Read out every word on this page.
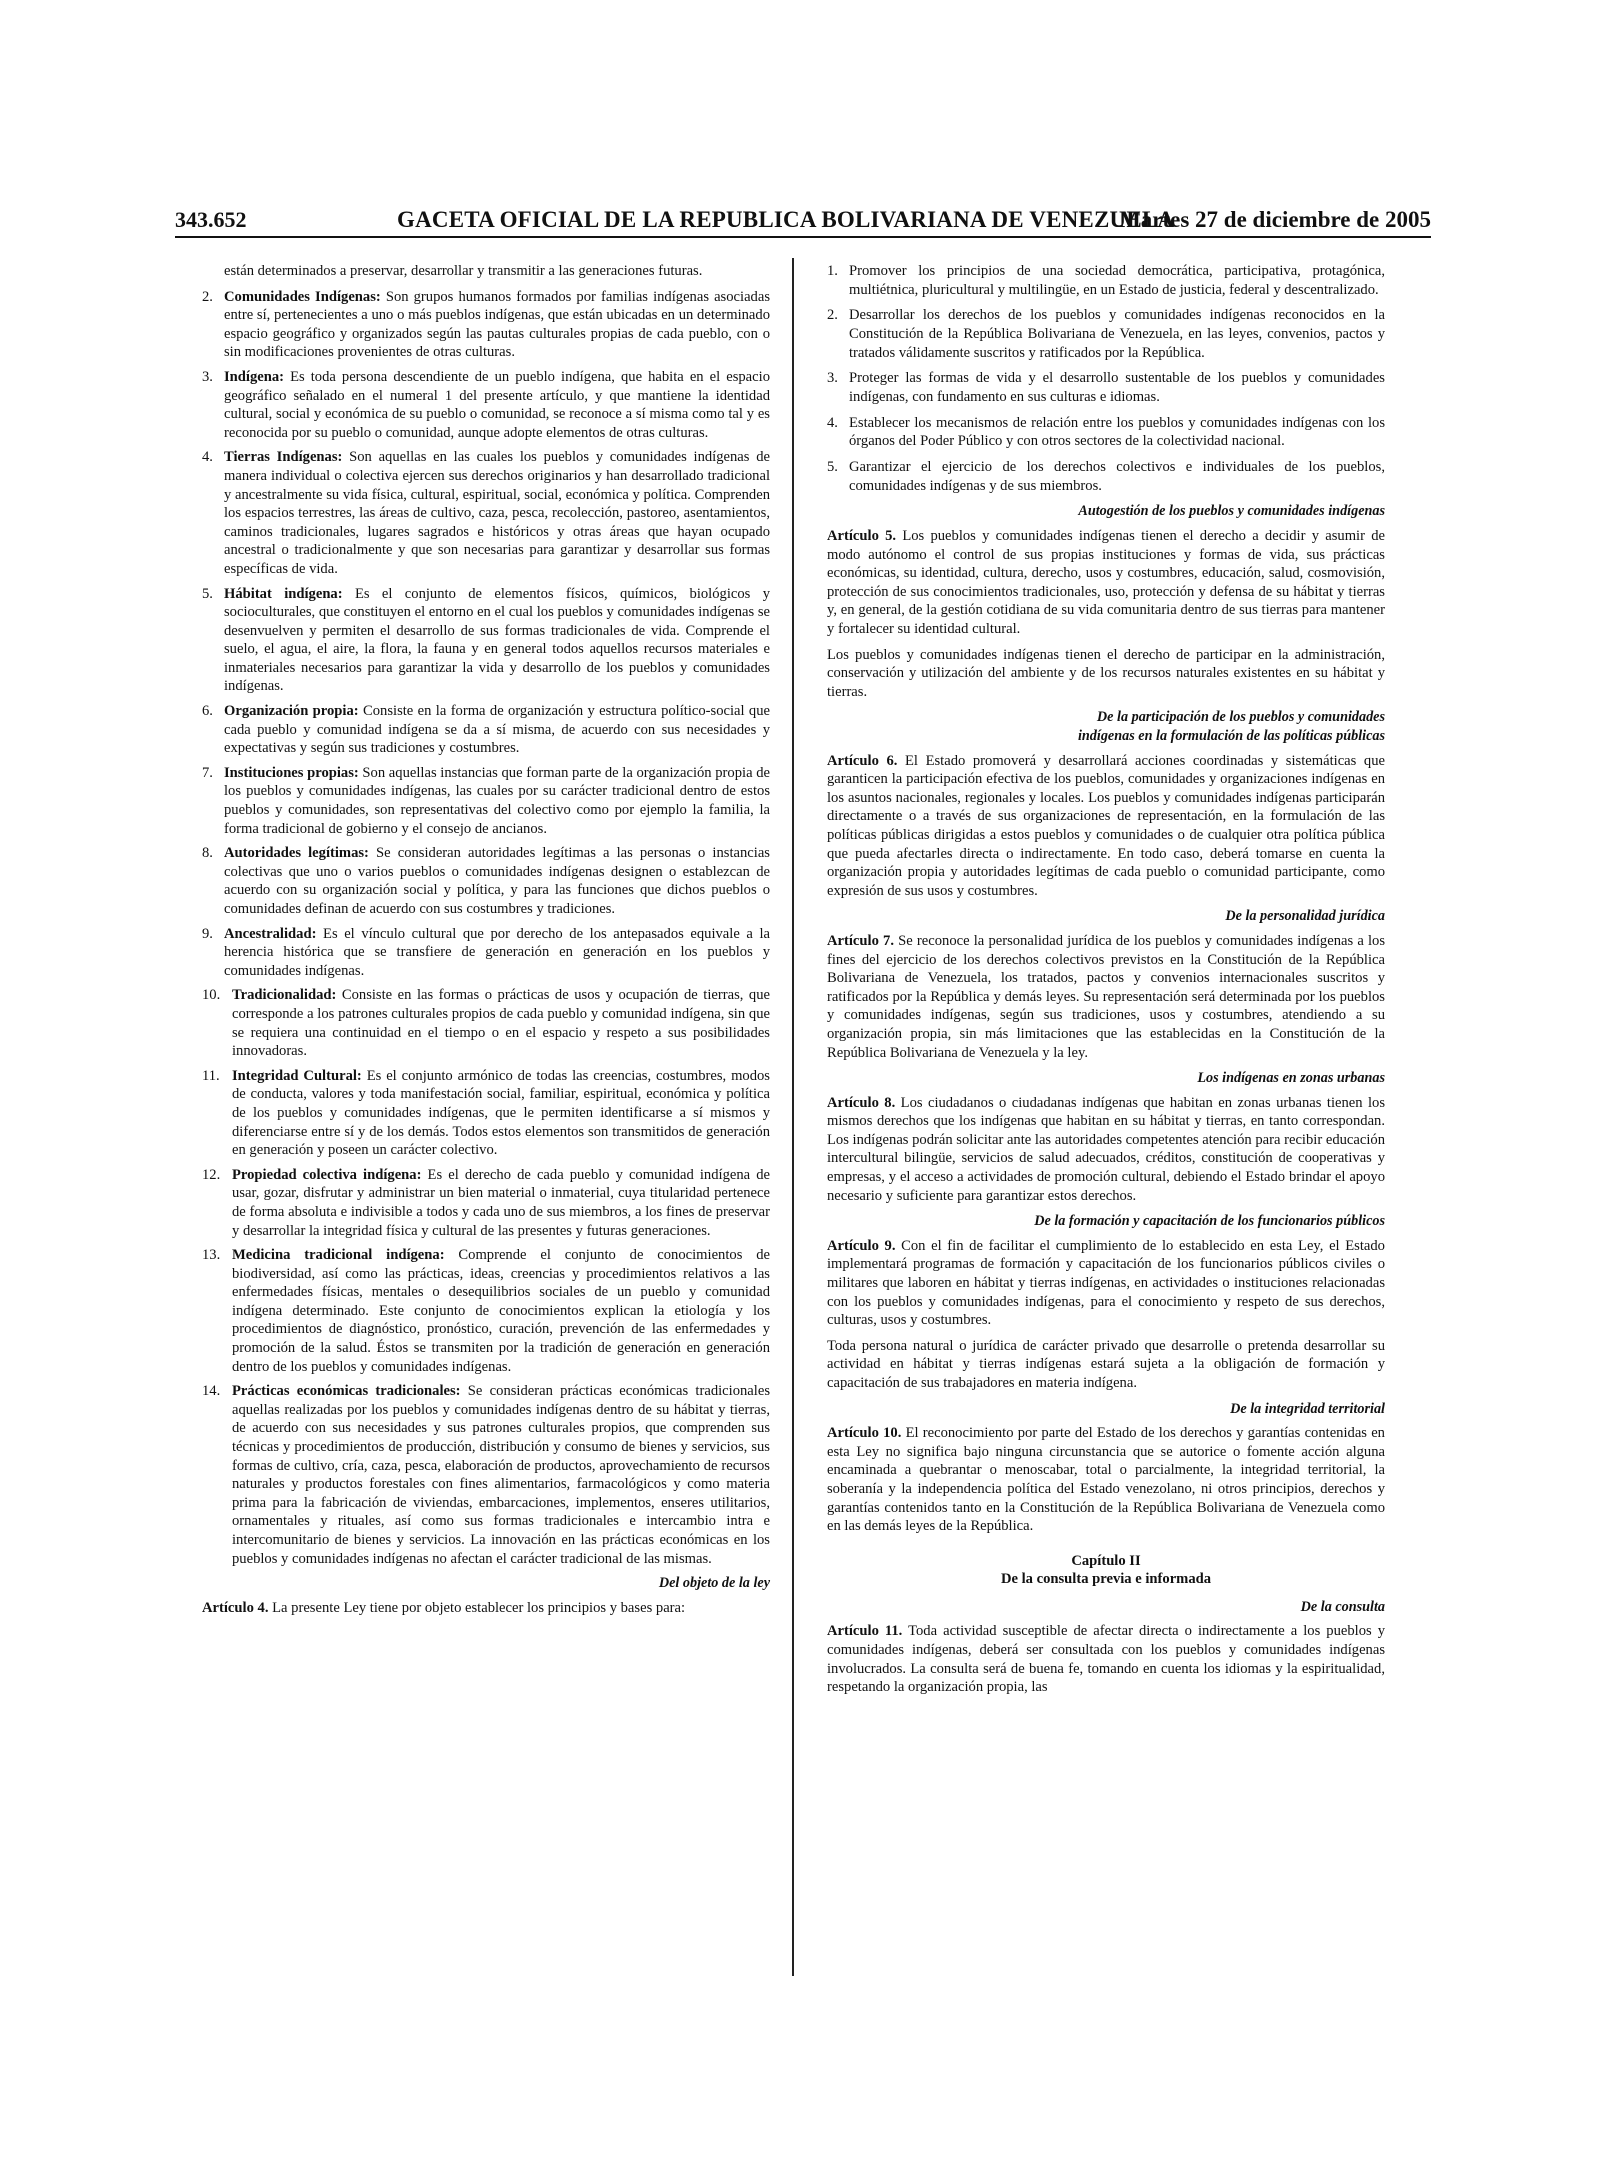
343.652	GACETA OFICIAL DE LA REPUBLICA BOLIVARIANA DE VENEZUELA
Martes 27 de diciembre de 2005

están determinados a preservar, desarrollar y transmitir a las generaciones futuras.

2. Comunidades Indígenas: Son grupos humanos formados por familias indígenas asociadas entre sí, pertenecientes a uno o más pueblos indígenas, que están ubicadas en un determinado espacio geográfico y organizados según las pautas culturales propias de cada pueblo, con o sin modificaciones provenientes de otras culturas.
3. Indígena: Es toda persona descendiente de un pueblo indígena, que habita en el espacio geográfico señalado en el numeral 1 del presente artículo, y que mantiene la identidad cultural, social y económica de su pueblo o comunidad, se reconoce a sí misma como tal y es reconocida por su pueblo o comunidad, aunque adopte elementos de otras culturas.
4. Tierras Indígenas: Son aquellas en las cuales los pueblos y comunidades indígenas de manera individual o colectiva ejercen sus derechos originarios y han desarrollado tradicional y ancestralmente su vida física, cultural, espiritual, social, económica y política. Comprenden los espacios terrestres, las áreas de cultivo, caza, pesca, recolección, pastoreo, asentamientos, caminos tradicionales, lugares sagrados e históricos y otras áreas que hayan ocupado ancestral o tradicionalmente y que son necesarias para garantizar y desarrollar sus formas específicas de vida.
5. Hábitat indígena: Es el conjunto de elementos físicos, químicos, biológicos y socioculturales, que constituyen el entorno en el cual los pueblos y comunidades indígenas se desenvuelven y permiten el desarrollo de sus formas tradicionales de vida. Comprende el suelo, el agua, el aire, la flora, la fauna y en general todos aquellos recursos materiales e inmateriales necesarios para garantizar la vida y desarrollo de los pueblos y comunidades indígenas.
6. Organización propia: Consiste en la forma de organización y estructura político-social que cada pueblo y comunidad indígena se da a sí misma, de acuerdo con sus necesidades y expectativas y según sus tradiciones y costumbres.
7. Instituciones propias: Son aquellas instancias que forman parte de la organización propia de los pueblos y comunidades indígenas, las cuales por su carácter tradicional dentro de estos pueblos y comunidades, son representativas del colectivo como por ejemplo la familia, la forma tradicional de gobierno y el consejo de ancianos.
8. Autoridades legítimas: Se consideran autoridades legítimas a las personas o instancias colectivas que uno o varios pueblos o comunidades indígenas designen o establezcan de acuerdo con su organización social y política, y para las funciones que dichos pueblos o comunidades definan de acuerdo con sus costumbres y tradiciones.
9. Ancestralidad: Es el vínculo cultural que por derecho de los antepasados equivale a la herencia histórica que se transfiere de generación en generación en los pueblos y comunidades indígenas.
10. Tradicionalidad: Consiste en las formas o prácticas de usos y ocupación de tierras, que corresponde a los patrones culturales propios de cada pueblo y comunidad indígena, sin que se requiera una continuidad en el tiempo o en el espacio y respeto a sus posibilidades innovadoras.
11. Integridad Cultural: Es el conjunto armónico de todas las creencias, costumbres, modos de conducta, valores y toda manifestación social, familiar, espiritual, económica y política de los pueblos y comunidades indígenas, que le permiten identificarse a sí mismos y diferenciarse entre sí y de los demás. Todos estos elementos son transmitidos de generación en generación y poseen un carácter colectivo.
12. Propiedad colectiva indígena: Es el derecho de cada pueblo y comunidad indígena de usar, gozar, disfrutar y administrar un bien material o inmaterial, cuya titularidad pertenece de forma absoluta e indivisible a todos y cada uno de sus miembros, a los fines de preservar y desarrollar la integridad física y cultural de las presentes y futuras generaciones.
13. Medicina tradicional indígena: Comprende el conjunto de conocimientos de biodiversidad, así como las prácticas, ideas, creencias y procedimientos relativos a las enfermedades físicas, mentales o desequilibrios sociales de un pueblo y comunidad indígena determinado. Este conjunto de conocimientos explican la etiología y los procedimientos de diagnóstico, pronóstico, curación, prevención de las enfermedades y promoción de la salud. Éstos se transmiten por la tradición de generación en generación dentro de los pueblos y comunidades indígenas.
14. Prácticas económicas tradicionales: Se consideran prácticas económicas tradicionales aquellas realizadas por los pueblos y comunidades indígenas dentro de su hábitat y tierras, de acuerdo con sus necesidades y sus patrones culturales propios, que comprenden sus técnicas y procedimientos de producción, distribución y consumo de bienes y servicios, sus formas de cultivo, cría, caza, pesca, elaboración de productos, aprovechamiento de recursos naturales y productos forestales con fines alimentarios, farmacológicos y como materia prima para la fabricación de viviendas, embarcaciones, implementos, enseres utilitarios, ornamentales y rituales, así como sus formas tradicionales e intercambio intra e intercomunitario de bienes y servicios. La innovación en las prácticas económicas en los pueblos y comunidades indígenas no afectan el carácter tradicional de las mismas.
Del objeto de la ley

Artículo 4. La presente Ley tiene por objeto establecer los principios y bases para:

1. Promover los principios de una sociedad democrática, participativa, protagónica, multiétnica, pluricultural y multilingüe, en un Estado de justicia, federal y descentralizado.
2. Desarrollar los derechos de los pueblos y comunidades indígenas reconocidos en la Constitución de la República Bolivariana de Venezuela, en las leyes, convenios, pactos y tratados válidamente suscritos y ratificados por la República.
3. Proteger las formas de vida y el desarrollo sustentable de los pueblos y comunidades indígenas, con fundamento en sus culturas e idiomas.
4. Establecer los mecanismos de relación entre los pueblos y comunidades indígenas con los órganos del Poder Público y con otros sectores de la colectividad nacional.
5. Garantizar el ejercicio de los derechos colectivos e individuales de los pueblos, comunidades indígenas y de sus miembros.
Autogestión de los pueblos y comunidades indígenas

Artículo 5. Los pueblos y comunidades indígenas tienen el derecho a decidir y asumir de modo autónomo el control de sus propias instituciones y formas de vida, sus prácticas económicas, su identidad, cultura, derecho, usos y costumbres, educación, salud, cosmovisión, protección de sus conocimientos tradicionales, uso, protección y defensa de su hábitat y tierras y, en general, de la gestión cotidiana de su vida comunitaria dentro de sus tierras para mantener y fortalecer su identidad cultural.

Los pueblos y comunidades indígenas tienen el derecho de participar en la administración, conservación y utilización del ambiente y de los recursos naturales existentes en su hábitat y tierras.

De la participación de los pueblos y comunidades
indígenas en la formulación de las políticas públicas

Artículo 6. El Estado promoverá y desarrollará acciones coordinadas y sistemáticas que garanticen la participación efectiva de los pueblos, comunidades y organizaciones indígenas en los asuntos nacionales, regionales y locales. Los pueblos y comunidades indígenas participarán directamente o a través de sus organizaciones de representación, en la formulación de las políticas públicas dirigidas a estos pueblos y comunidades o de cualquier otra política pública que pueda afectarles directa o indirectamente. En todo caso, deberá tomarse en cuenta la organización propia y autoridades legítimas de cada pueblo o comunidad participante, como expresión de sus usos y costumbres.

De la personalidad jurídica

Artículo 7. Se reconoce la personalidad jurídica de los pueblos y comunidades indígenas a los fines del ejercicio de los derechos colectivos previstos en la Constitución de la República Bolivariana de Venezuela, los tratados, pactos y convenios internacionales suscritos y ratificados por la República y demás leyes. Su representación será determinada por los pueblos y comunidades indígenas, según sus tradiciones, usos y costumbres, atendiendo a su organización propia, sin más limitaciones que las establecidas en la Constitución de la República Bolivariana de Venezuela y la ley.

Los indígenas en zonas urbanas

Artículo 8. Los ciudadanos o ciudadanas indígenas que habitan en zonas urbanas tienen los mismos derechos que los indígenas que habitan en su hábitat y tierras, en tanto correspondan. Los indígenas podrán solicitar ante las autoridades competentes atención para recibir educación intercultural bilingüe, servicios de salud adecuados, créditos, constitución de cooperativas y empresas, y el acceso a actividades de promoción cultural, debiendo el Estado brindar el apoyo necesario y suficiente para garantizar estos derechos.

De la formación y capacitación de los funcionarios públicos

Artículo 9. Con el fin de facilitar el cumplimiento de lo establecido en esta Ley, el Estado implementará programas de formación y capacitación de los funcionarios públicos civiles o militares que laboren en hábitat y tierras indígenas, en actividades o instituciones relacionadas con los pueblos y comunidades indígenas, para el conocimiento y respeto de sus derechos, culturas, usos y costumbres.

Toda persona natural o jurídica de carácter privado que desarrolle o pretenda desarrollar su actividad en hábitat y tierras indígenas estará sujeta a la obligación de formación y capacitación de sus trabajadores en materia indígena.

De la integridad territorial

Artículo 10. El reconocimiento por parte del Estado de los derechos y garantías contenidas en esta Ley no significa bajo ninguna circunstancia que se autorice o fomente acción alguna encaminada a quebrantar o menoscabar, total o parcialmente, la integridad territorial, la soberanía y la independencia política del Estado venezolano, ni otros principios, derechos y garantías contenidos tanto en la Constitución de la República Bolivariana de Venezuela como en las demás leyes de la República.

Capítulo II
De la consulta previa e informada
De la consulta

Artículo 11. Toda actividad susceptible de afectar directa o indirectamente a los pueblos y comunidades indígenas, deberá ser consultada con los pueblos y comunidades indígenas involucrados. La consulta será de buena fe, tomando en cuenta los idiomas y la espiritualidad, respetando la organización propia, las
